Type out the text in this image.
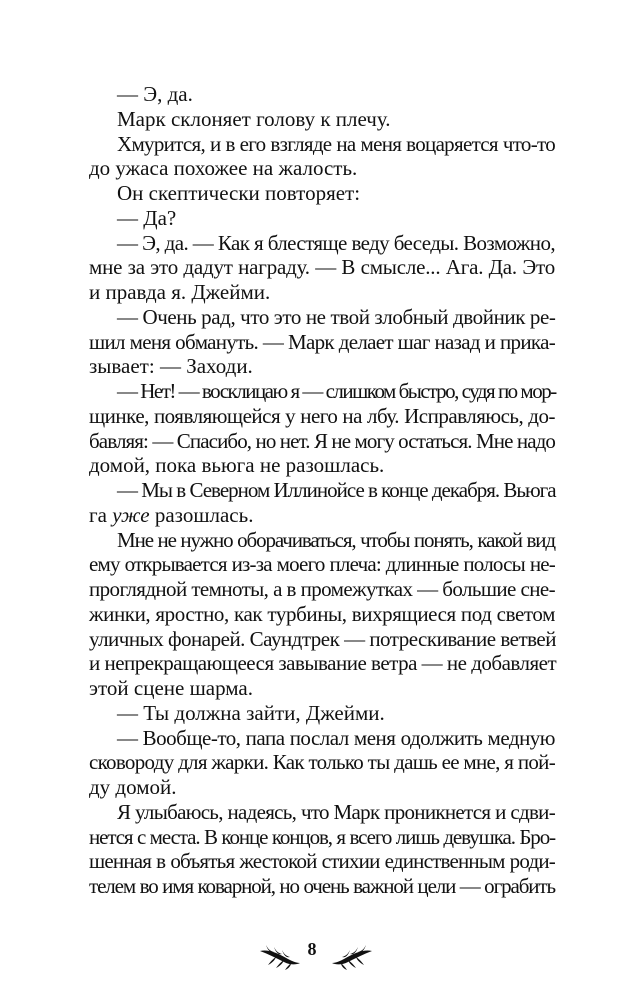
— Э, да.
Марк склоняет голову к плечу.
Хмурится, и в его взгляде на меня воцаряется что-то
до ужаса похожее на жалость.
Он скептически повторяет:
— Да?
— Э, да. — Как я блестяще веду беседы. Возможно,
мне за это дадут награду. — В смысле... Ага. Да. Это
и правда я. Джейми.
— Очень рад, что это не твой злобный двойник ре-
шил меня обмануть. — Марк делает шаг назад и прика-
зывает: — Заходи.
— Нет! — восклицаю я — слишком быстро, судя по мор-
щинке, появляющейся у него на лбу. Исправляюсь, до-
бавляя: — Спасибо, но нет. Я не могу остаться. Мне надо
домой, пока вьюга не разошлась.
— Мы в Северном Иллинойсе в конце декабря. Вьюга
га уже разошлась.
Мне не нужно оборачиваться, чтобы понять, какой вид
ему открывается из-за моего плеча: длинные полосы не-
проглядной темноты, а в промежутках — большие сне-
жинки, яростно, как турбины, вихрящиеся под светом
уличных фонарей. Саундтрек — потрескивание ветвей
и непрекращающееся завывание ветра — не добавляет
этой сцене шарма.
— Ты должна зайти, Джейми.
— Вообще-то, папа послал меня одолжить медную
сковороду для жарки. Как только ты дашь ее мне, я пой-
ду домой.
Я улыбаюсь, надеясь, что Марк проникнется и сдви-
нется с места. В конце концов, я всего лишь девушка. Бро-
шенная в объятья жестокой стихии единственным роди-
телем во имя коварной, но очень важной цели — ограбить
8
